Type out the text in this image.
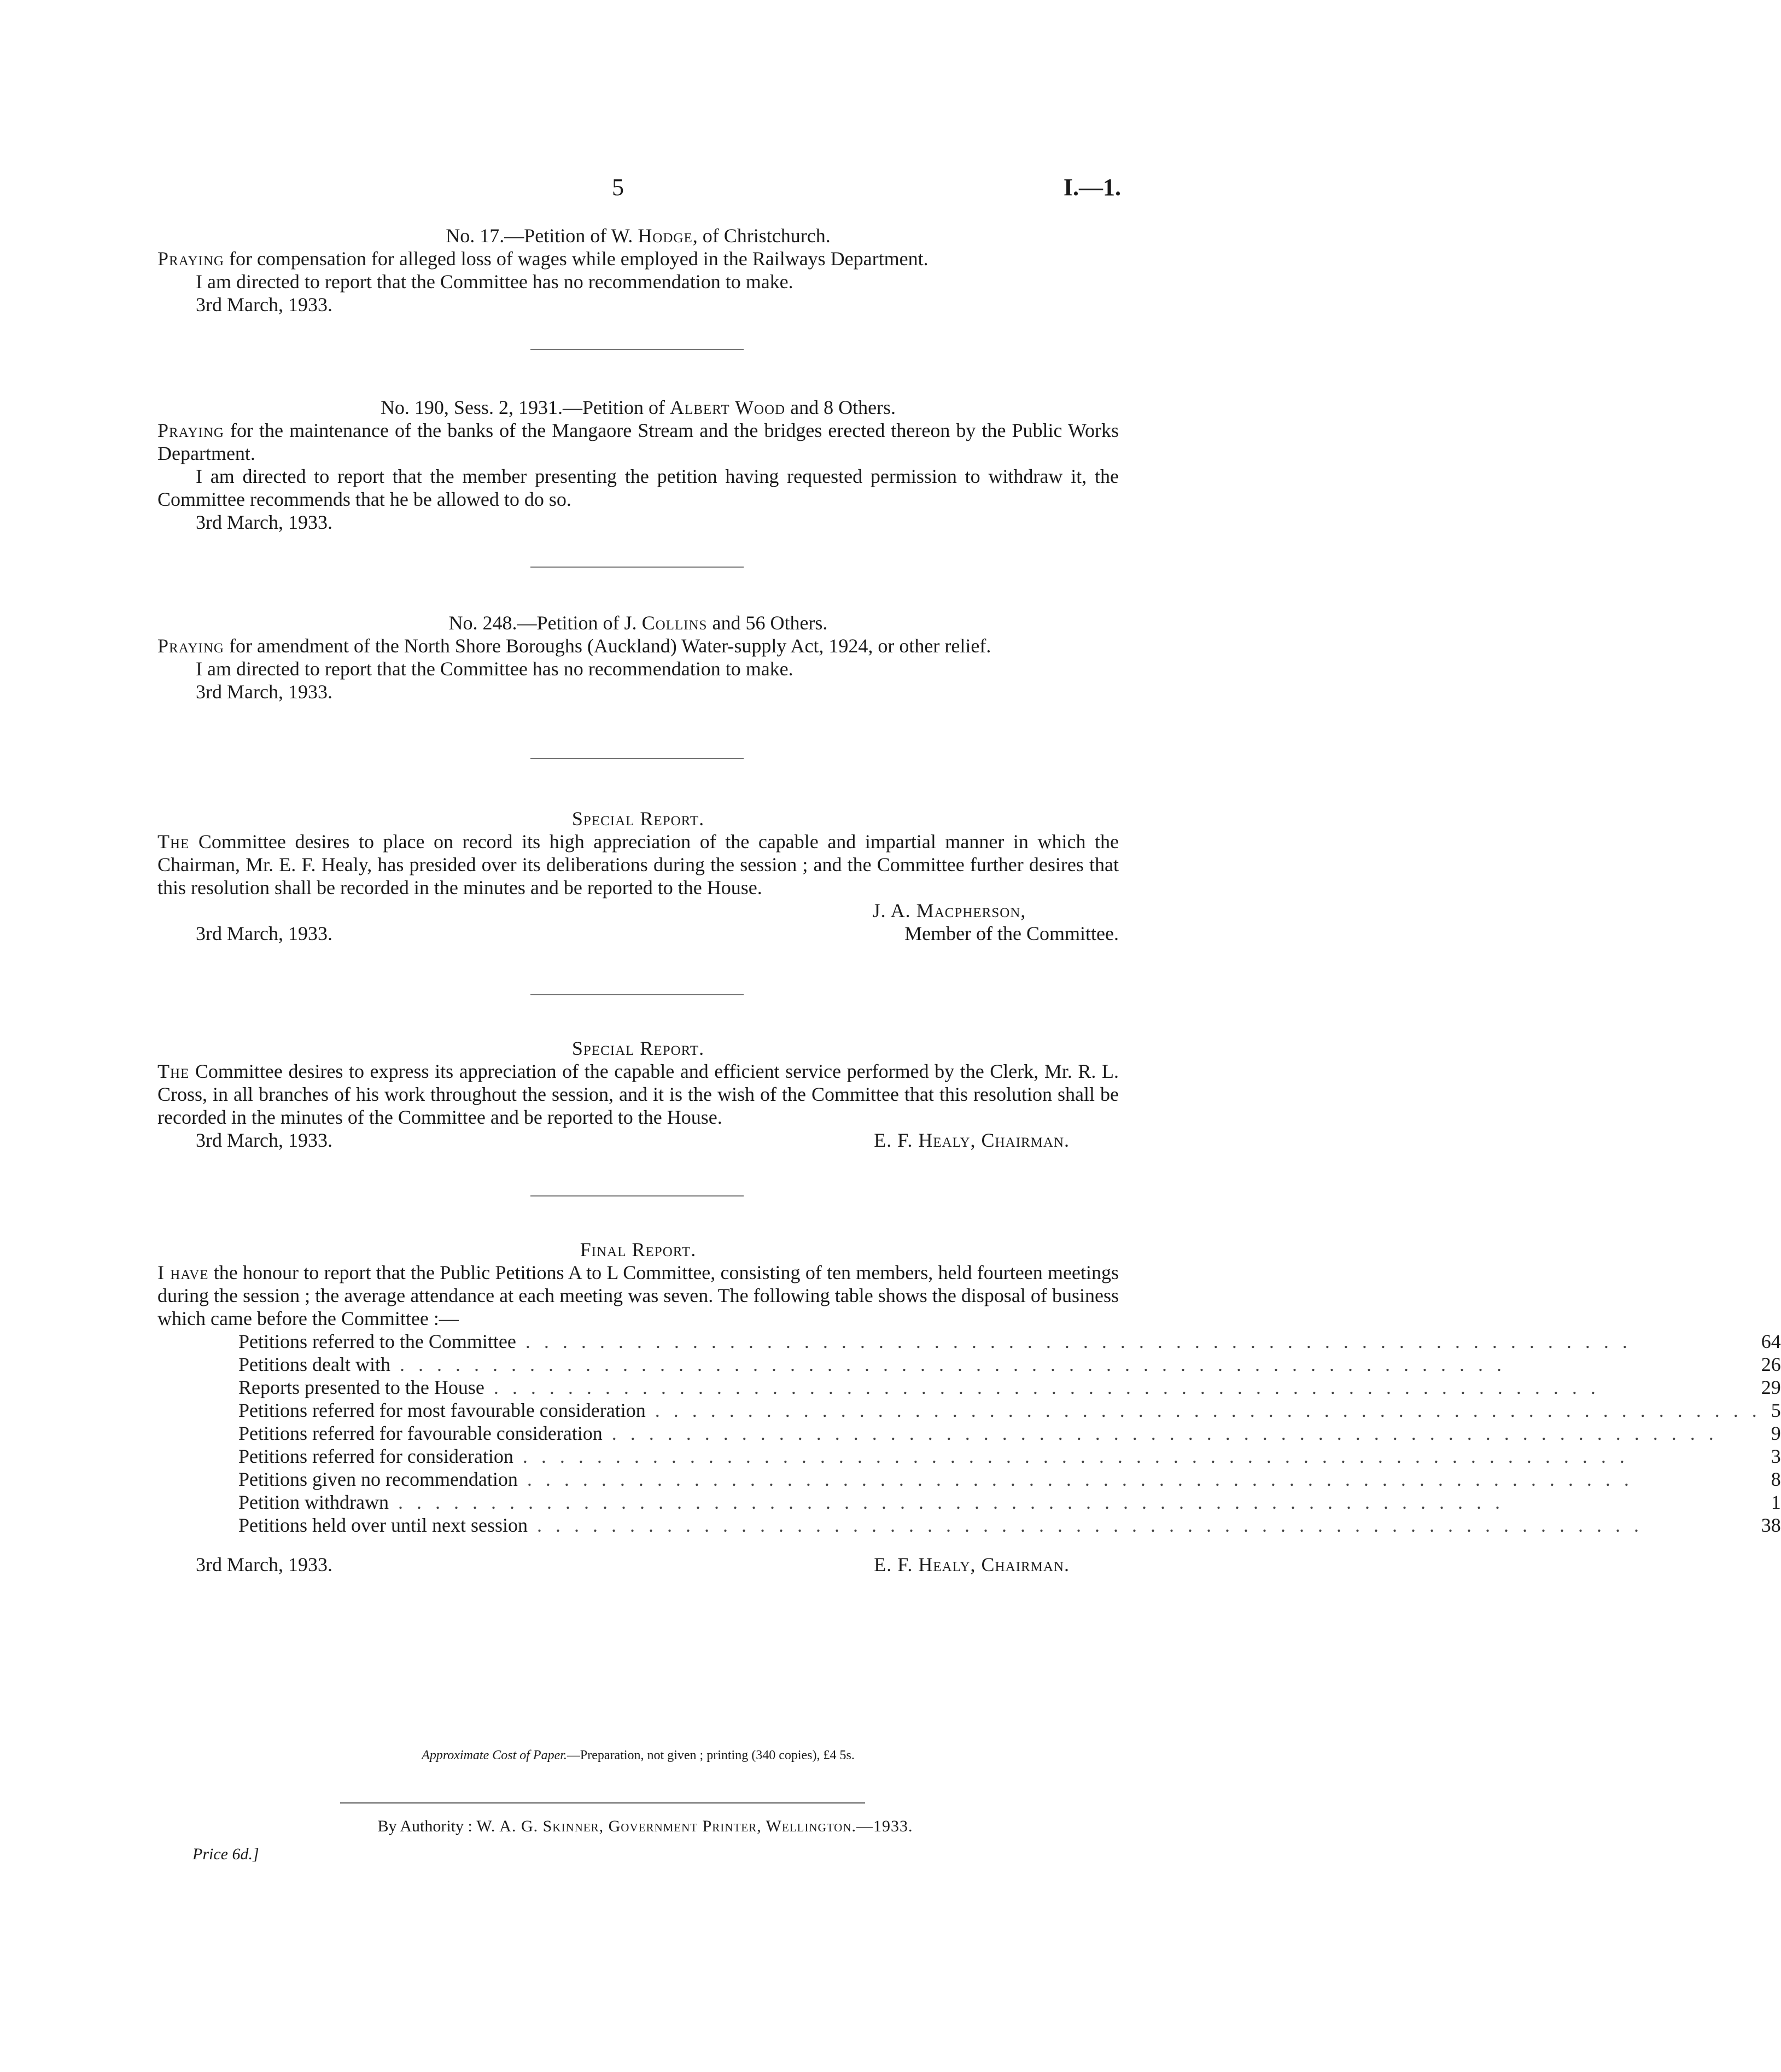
5	I.—1.
No. 17.—Petition of W. Hodge, of Christchurch.

Praying for compensation for alleged loss of wages while employed in the Railways Department.

I am directed to report that the Committee has no recommendation to make.

3rd March, 1933.
No. 190, Sess. 2, 1931.—Petition of Albert Wood and 8 Others.

Praying for the maintenance of the banks of the Mangaore Stream and the bridges erected thereon by the Public Works Department.

I am directed to report that the member presenting the petition having requested permission to withdraw it, the Committee recommends that he be allowed to do so.

3rd March, 1933.
No. 248.—Petition of J. Collins and 56 Others.

Praying for amendment of the North Shore Boroughs (Auckland) Water-supply Act, 1924, or other relief.

I am directed to report that the Committee has no recommendation to make.

3rd March, 1933.
Special Report.

The Committee desires to place on record its high appreciation of the capable and impartial manner in which the Chairman, Mr. E. F. Healy, has presided over its deliberations during the session ; and the Committee further desires that this resolution shall be recorded in the minutes and be reported to the House.

J. A. Macpherson,
3rd March, 1933.	Member of the Committee.
Special Report.

The Committee desires to express its appreciation of the capable and efficient service performed by the Clerk, Mr. R. L. Cross, in all branches of his work throughout the session, and it is the wish of the Committee that this resolution shall be recorded in the minutes of the Committee and be reported to the House.

3rd March, 1933.	E. F. Healy, Chairman.
Final Report.

I have the honour to report that the Public Petitions A to L Committee, consisting of ten members, held fourteen meetings during the session ; the average attendance at each meeting was seven. The following table shows the disposal of business which came before the Committee :—

Petitions referred to the Committee . . . . . . . . . . . . . . . . . . . . . . . . . . . . . . . . . . . . . . . . . . . . . . . . . . . . . . . . . . . .	64
Petitions dealt with . . . . . . . . . . . . . . . . . . . . . . . . . . . . . . . . . . . . . . . . . . . . . . . . . . . . . . . . . . . .	26
Reports presented to the House . . . . . . . . . . . . . . . . . . . . . . . . . . . . . . . . . . . . . . . . . . . . . . . . . . . . . . . . . . . .	29
Petitions referred for most favourable consideration . . . . . . . . . . . . . . . . . . . . . . . . . . . . . . . . . . . . . . . . . . . . . . . . . . . . . . . . . . . .	5
Petitions referred for favourable consideration . . . . . . . . . . . . . . . . . . . . . . . . . . . . . . . . . . . . . . . . . . . . . . . . . . . . . . . . . . . .	9
Petitions referred for consideration . . . . . . . . . . . . . . . . . . . . . . . . . . . . . . . . . . . . . . . . . . . . . . . . . . . . . . . . . . . .	3
Petitions given no recommendation . . . . . . . . . . . . . . . . . . . . . . . . . . . . . . . . . . . . . . . . . . . . . . . . . . . . . . . . . . . .	8
Petition withdrawn . . . . . . . . . . . . . . . . . . . . . . . . . . . . . . . . . . . . . . . . . . . . . . . . . . . . . . . . . . . .	1
Petitions held over until next session . . . . . . . . . . . . . . . . . . . . . . . . . . . . . . . . . . . . . . . . . . . . . . . . . . . . . . . . . . . .	38
3rd March, 1933.	E. F. Healy, Chairman.
Approximate Cost of Paper.—Preparation, not given ; printing (340 copies), £4 5s.
By Authority : W. A. G. Skinner, Government Printer, Wellington.—1933.
Price 6d.]
